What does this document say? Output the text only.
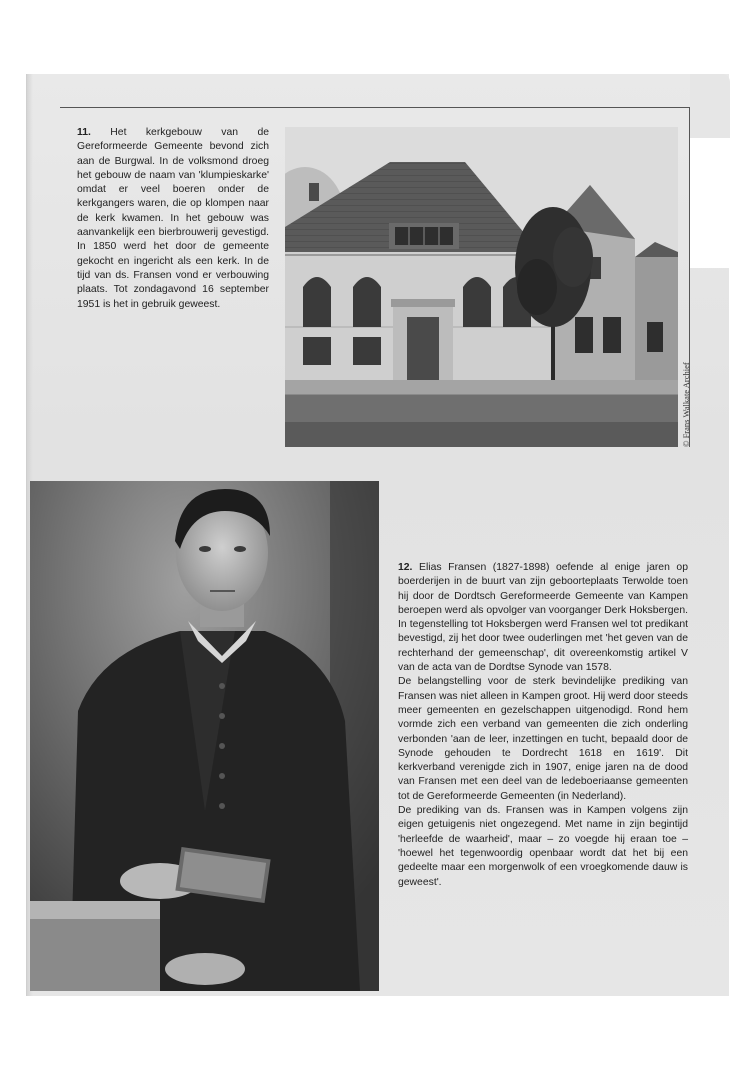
11. Het kerkgebouw van de Gereformeerde Gemeente bevond zich aan de Burgwal. In de volksmond droeg het gebouw de naam van 'klumpieskarke' omdat er veel boeren onder de kerkgangers waren, die op klompen naar de kerk kwamen. In het gebouw was aanvankelijk een bierbrouwerij gevestigd. In 1850 werd het door de gemeente gekocht en ingericht als een kerk. In de tijd van ds. Fransen vond er verbouwing plaats. Tot zondagavond 16 september 1951 is het in gebruik geweest.

© Frans Walkate Archief

12. Elias Fransen (1827-1898) oefende al enige jaren op boerderijen in de buurt van zijn geboorteplaats Terwolde toen hij door de Dordtsch Gereformeerde Gemeente van Kampen beroepen werd als opvolger van voorganger Derk Hoksbergen. In tegenstelling tot Hoksbergen werd Fransen wel tot predikant bevestigd, zij het door twee ouderlingen met 'het geven van de rechterhand der gemeenschap', dit overeenkomstig artikel V van de acta van de Dordtse Synode van 1578.

De belangstelling voor de sterk bevindelijke prediking van Fransen was niet alleen in Kampen groot. Hij werd door steeds meer gemeenten en gezelschappen uitgenodigd. Rond hem vormde zich een verband van gemeenten die zich onderling verbonden 'aan de leer, inzettingen en tucht, bepaald door de Synode gehouden te Dordrecht 1618 en 1619'. Dit kerkverband verenigde zich in 1907, enige jaren na de dood van Fransen met een deel van de ledeboeriaanse gemeenten tot de Gereformeerde Gemeenten (in Nederland).

De prediking van ds. Fransen was in Kampen volgens zijn eigen getuigenis niet ongezegend. Met name in zijn begintijd 'herleefde de waarheid', maar – zo voegde hij eraan toe – 'hoewel het tegenwoordig openbaar wordt dat het bij een gedeelte maar een morgenwolk of een vroegkomende dauw is geweest'.
